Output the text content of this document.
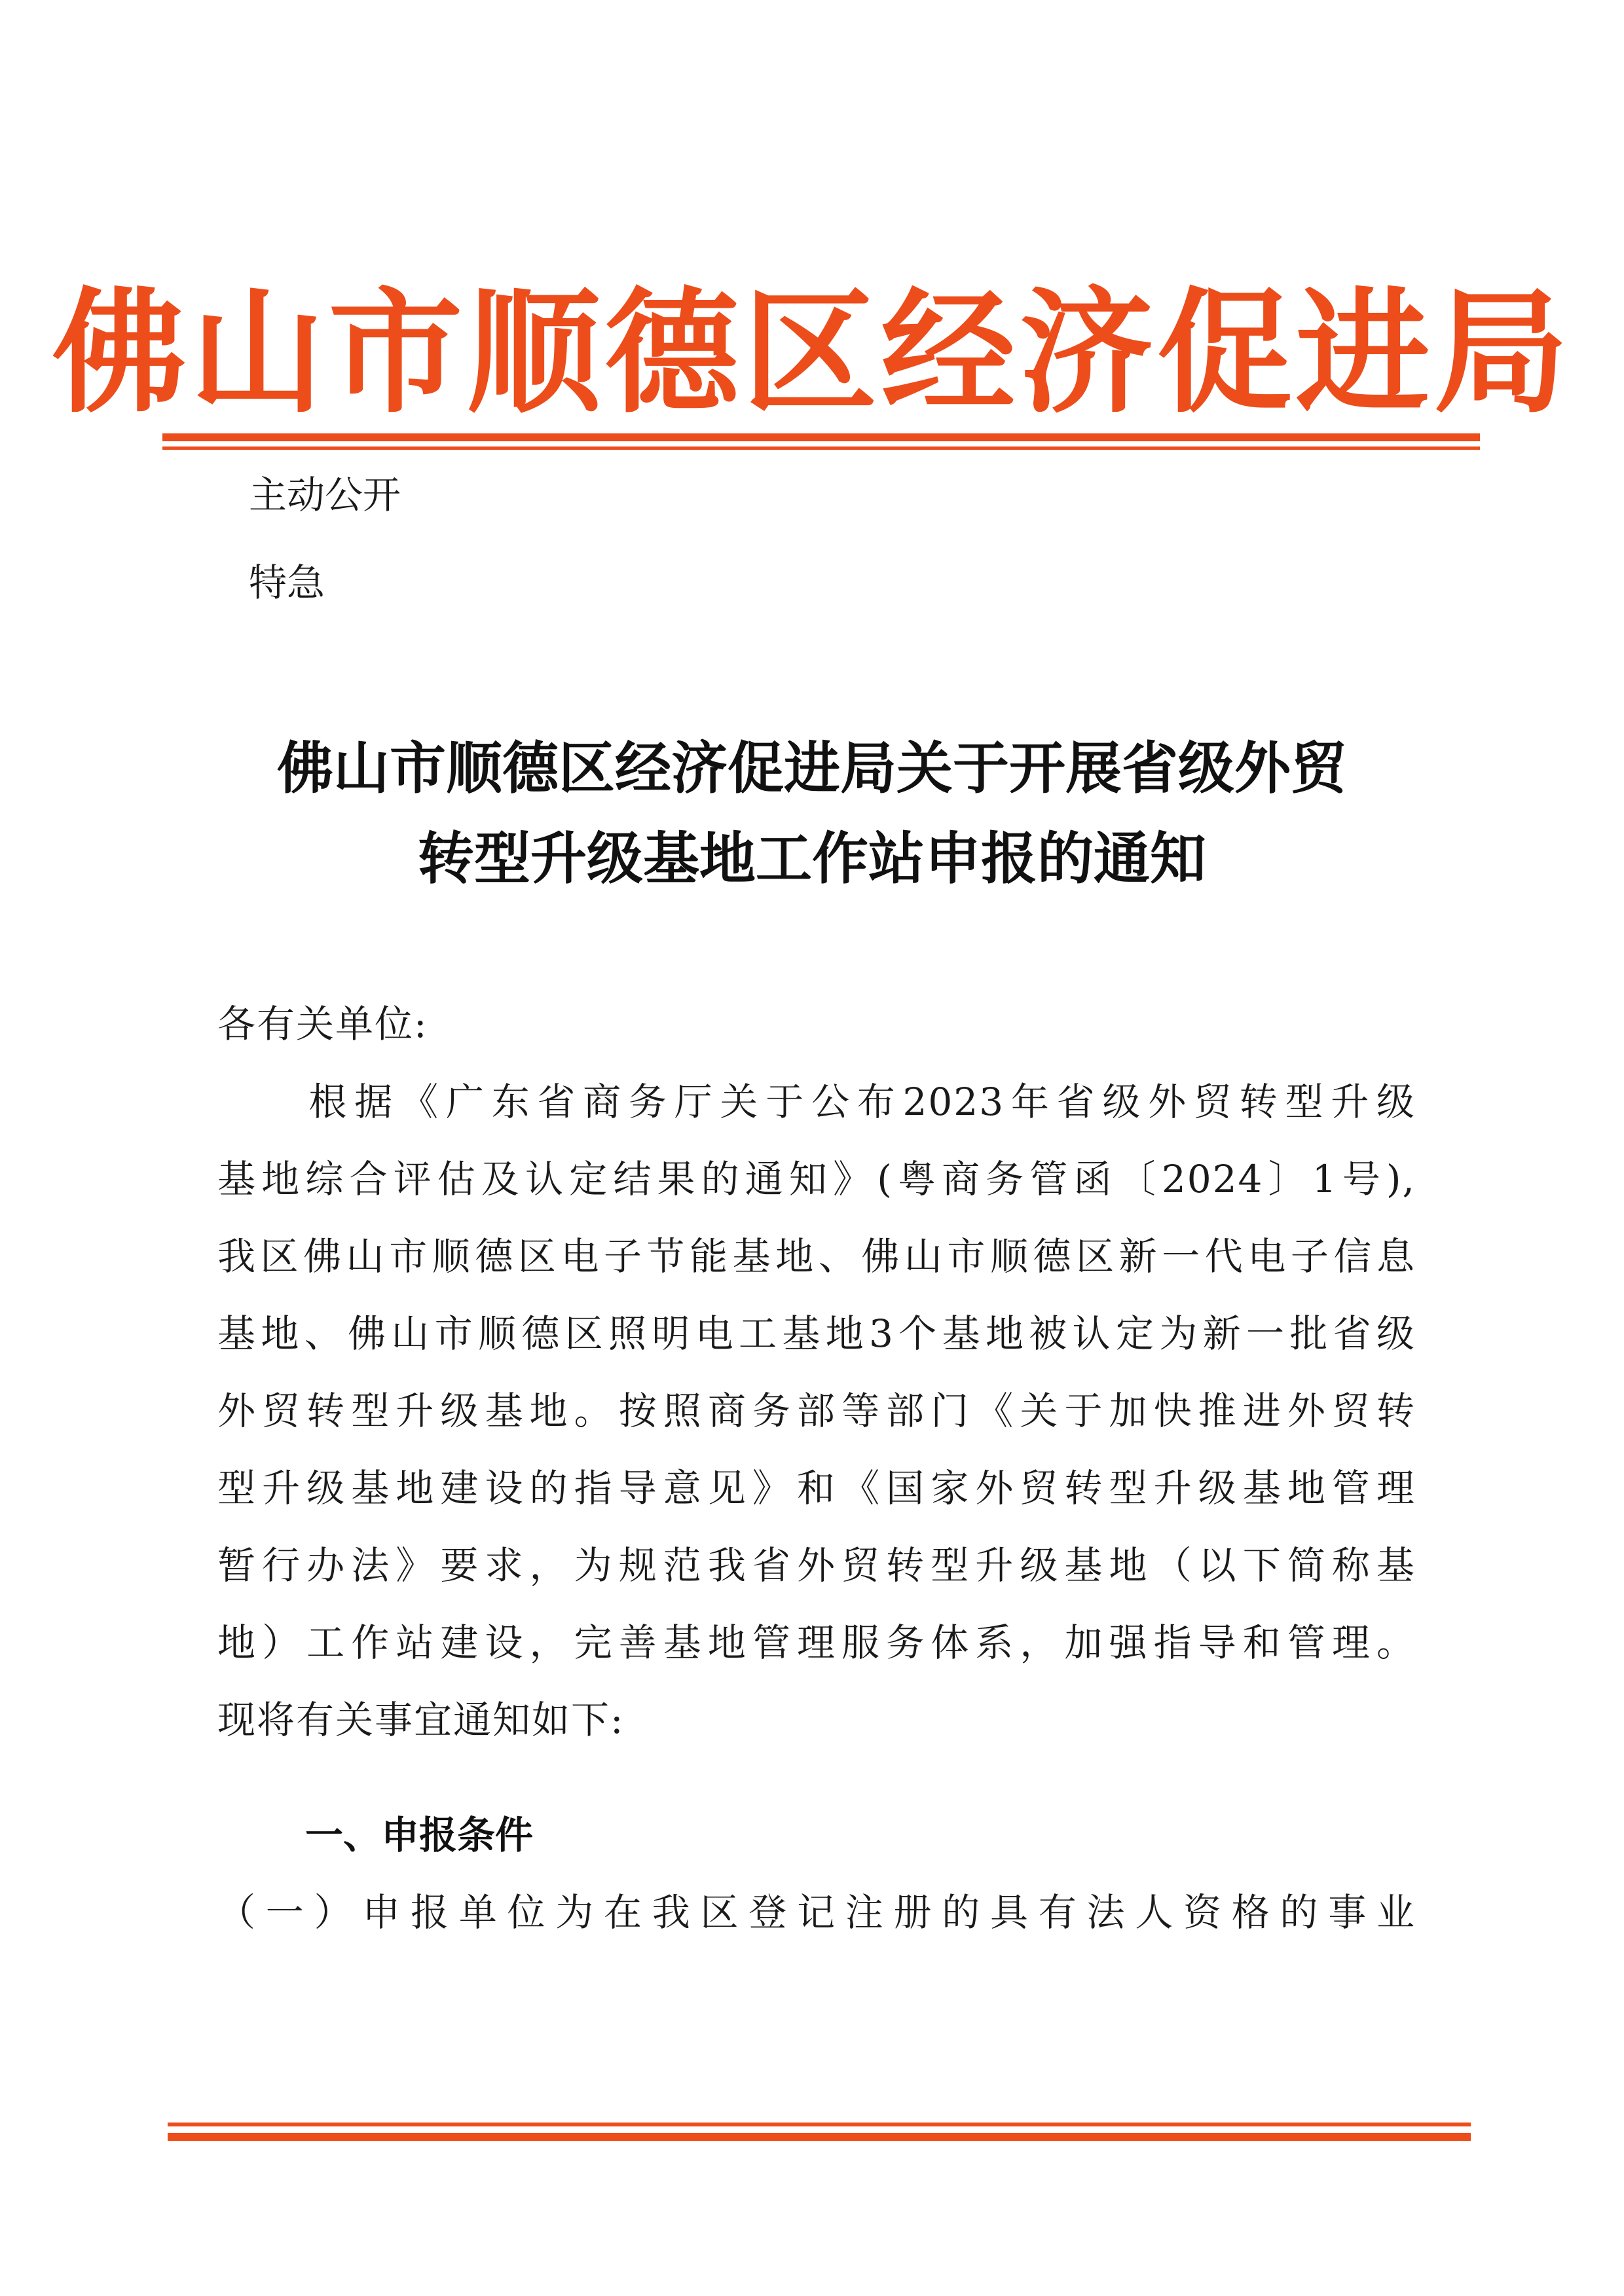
佛山市顺德区经济促进局
主动公开
特急
佛山市顺德区经济促进局关于开展省级外贸
转型升级基地工作站申报的通知
各有关单位:
　　根据《广东省商务厅关于公布2023年省级外贸转型升级
基地综合评估及认定结果的通知》(粤商务管函〔2024〕1号),
我区佛山市顺德区电子节能基地、佛山市顺德区新一代电子信息
基地、佛山市顺德区照明电工基地3个基地被认定为新一批省级
外贸转型升级基地。按照商务部等部门《关于加快推进外贸转
型升级基地建设的指导意见》和《国家外贸转型升级基地管理
暂行办法》要求，为规范我省外贸转型升级基地（以下简称基
地）工作站建设，完善基地管理服务体系，加强指导和管理。
现将有关事宜通知如下:
一、申报条件
（一）申报单位为在我区登记注册的具有法人资格的事业
